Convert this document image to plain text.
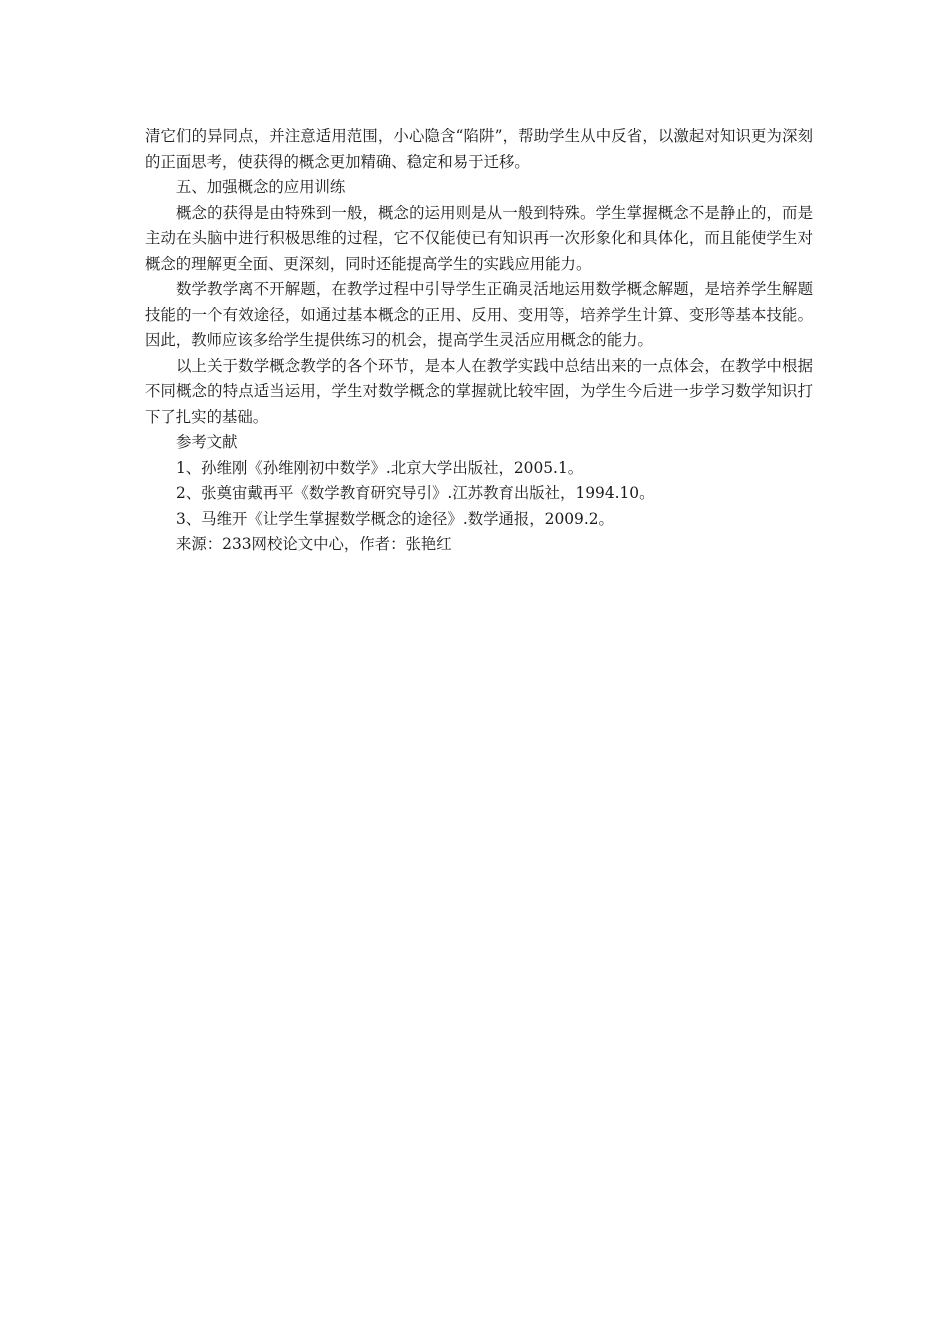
清它们的异同点，并注意适用范围，小心隐含“陷阱”，帮助学生从中反省，以激起对知识更为深刻的正面思考，使获得的概念更加精确、稳定和易于迁移。

五、加强概念的应用训练

概念的获得是由特殊到一般，概念的运用则是从一般到特殊。学生掌握概念不是静止的，而是主动在头脑中进行积极思维的过程，它不仅能使已有知识再一次形象化和具体化，而且能使学生对概念的理解更全面、更深刻，同时还能提高学生的实践应用能力。

数学教学离不开解题，在教学过程中引导学生正确灵活地运用数学概念解题，是培养学生解题技能的一个有效途径，如通过基本概念的正用、反用、变用等，培养学生计算、变形等基本技能。因此，教师应该多给学生提供练习的机会，提高学生灵活应用概念的能力。

以上关于数学概念教学的各个环节，是本人在教学实践中总结出来的一点体会，在教学中根据不同概念的特点适当运用，学生对数学概念的掌握就比较牢固，为学生今后进一步学习数学知识打下了扎实的基础。

参考文献

1、孙维刚《孙维刚初中数学》.北京大学出版社，2005.1。

2、张奠宙戴再平《数学教育研究导引》.江苏教育出版社，1994.10。

3、马维开《让学生掌握数学概念的途径》.数学通报，2009.2。

来源：233网校论文中心，作者：张艳红
